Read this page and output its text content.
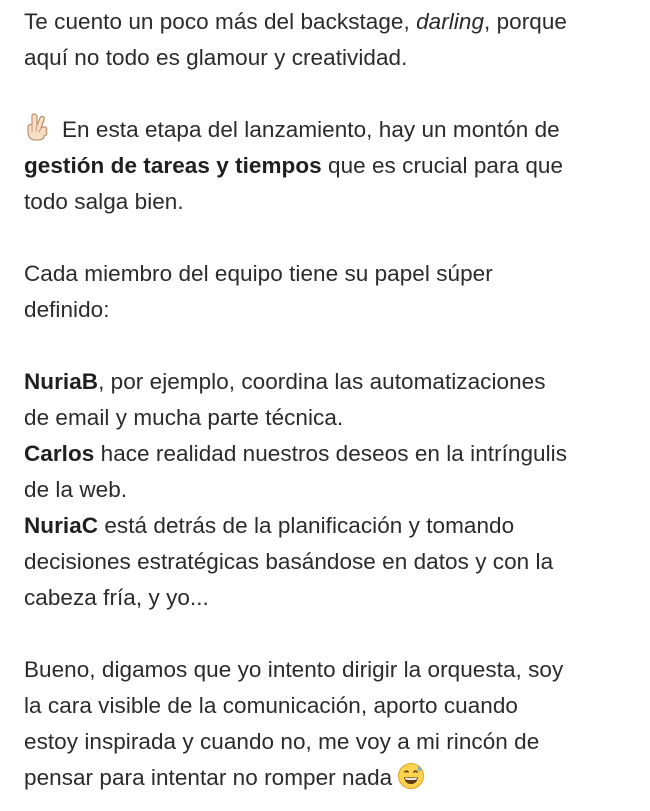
Te cuento un poco más del backstage, darling, porque

aquí no todo es glamour y creatividad.

En esta etapa del lanzamiento, hay un montón de

gestión de tareas y tiempos que es crucial para que

todo salga bien.

Cada miembro del equipo tiene su papel súper

definido:

NuriaB, por ejemplo, coordina las automatizaciones

de email y mucha parte técnica.

Carlos hace realidad nuestros deseos en la intríngulis

de la web.

NuriaC está detrás de la planificación y tomando

decisiones estratégicas basándose en datos y con la

cabeza fría, y yo...

Bueno, digamos que yo intento dirigir la orquesta, soy

la cara visible de la comunicación, aporto cuando

estoy inspirada y cuando no, me voy a mi rincón de

pensar para intentar no romper nada
